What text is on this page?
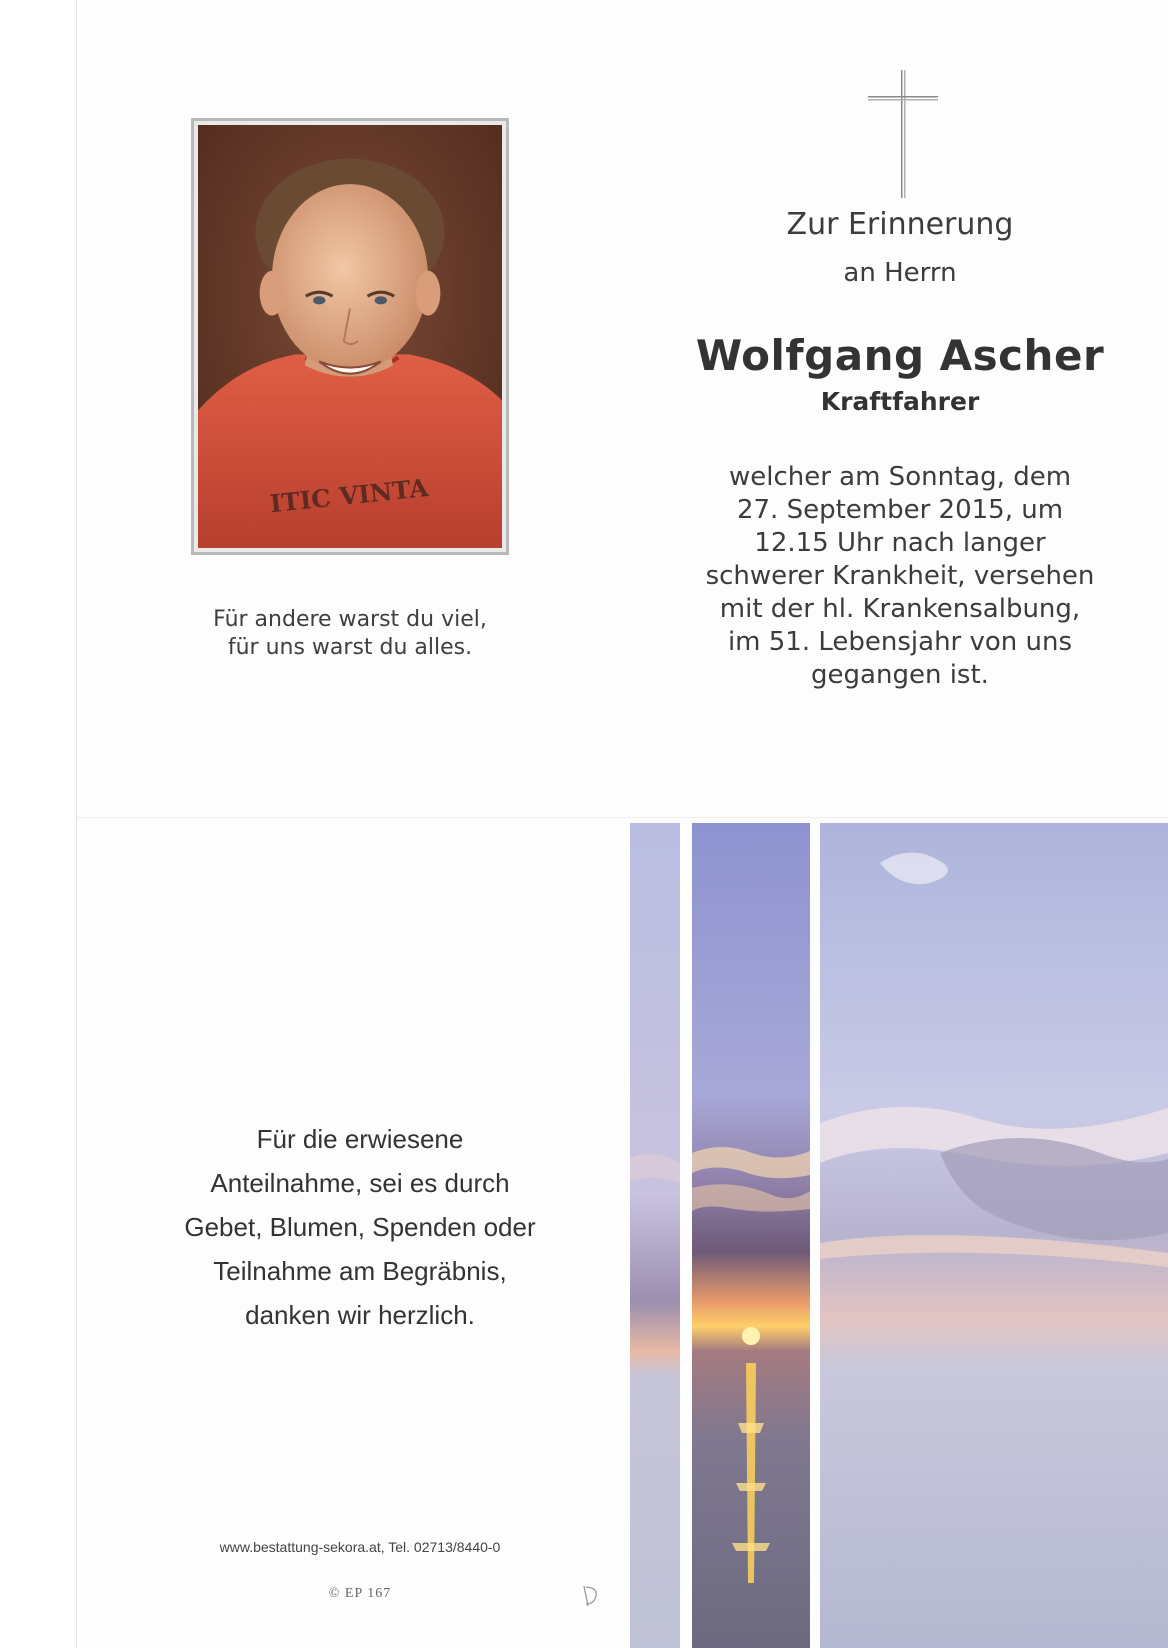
ITIC VINTA
Für andere warst du viel,
für uns warst du alles.
Zur Erinnerung
an Herrn
Wolfgang Ascher
Kraftfahrer
welcher am Sonntag, dem
27. September 2015, um
12.15 Uhr nach langer
schwerer Krankheit, versehen
mit der hl. Krankensalbung,
im 51. Lebensjahr von uns
gegangen ist.
Für die erwiesene
Anteilnahme, sei es durch
Gebet, Blumen, Spenden oder
Teilnahme am Begräbnis,
danken wir herzlich.
www.bestattung-sekora.at, Tel. 02713/8440-0
© EP 167
